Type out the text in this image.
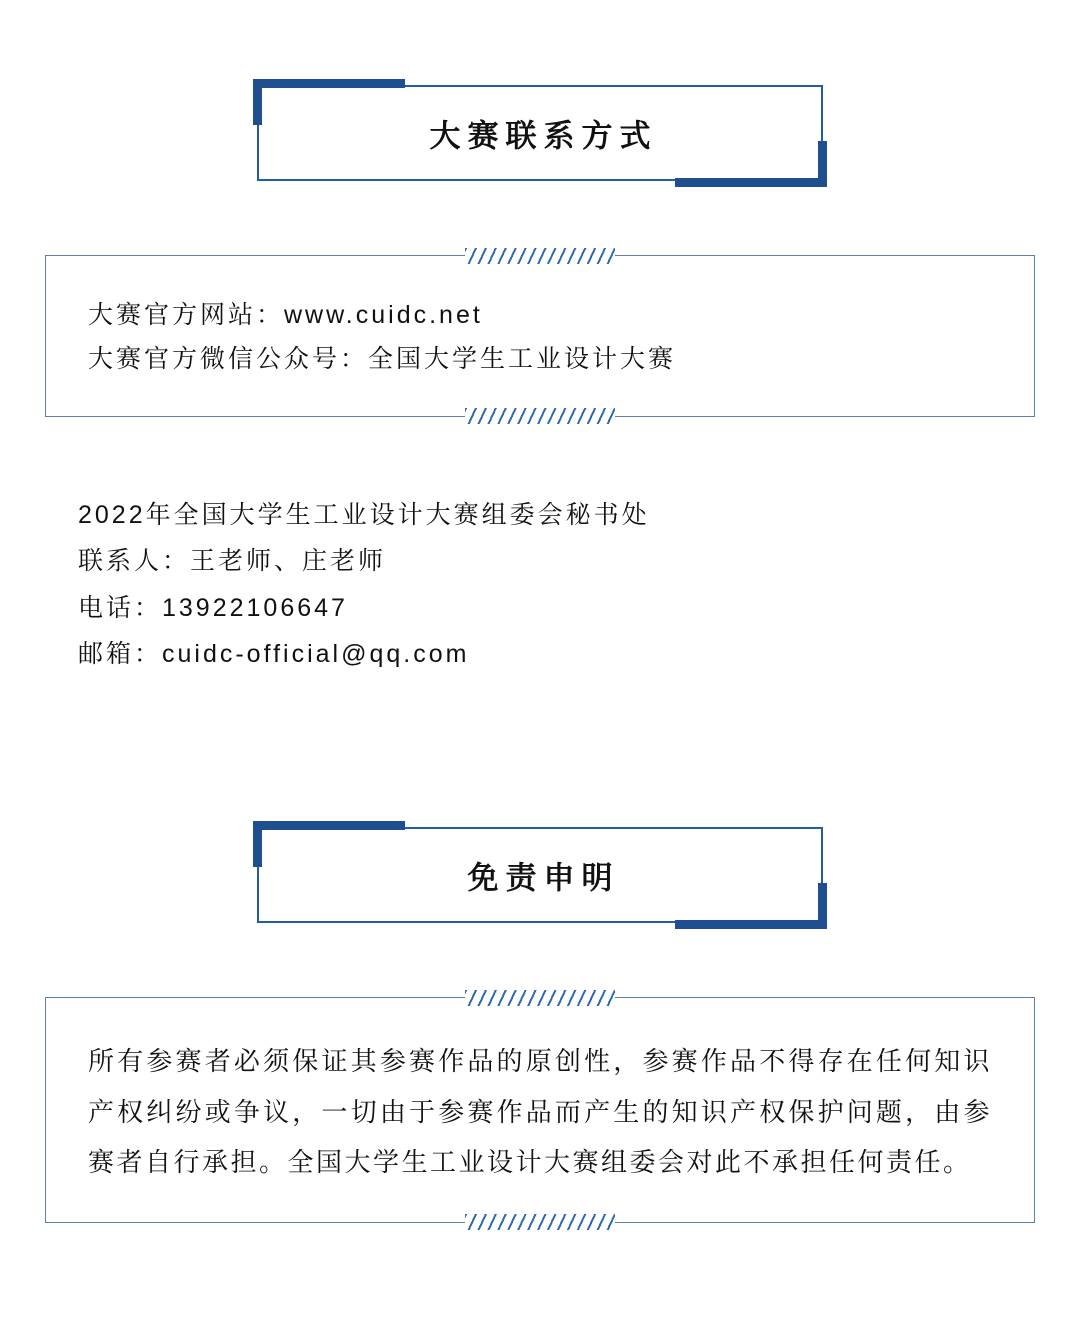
大赛联系方式
大赛官方网站：www.cuidc.net
大赛官方微信公众号：全国大学生工业设计大赛
2022年全国大学生工业设计大赛组委会秘书处
联系人：王老师、庄老师
电话：13922106647
邮箱：cuidc-official@qq.com
免责申明
所有参赛者必须保证其参赛作品的原创性，参赛作品不得存在任何知识产权纠纷或争议，一切由于参赛作品而产生的知识产权保护问题，由参赛者自行承担。全国大学生工业设计大赛组委会对此不承担任何责任。
